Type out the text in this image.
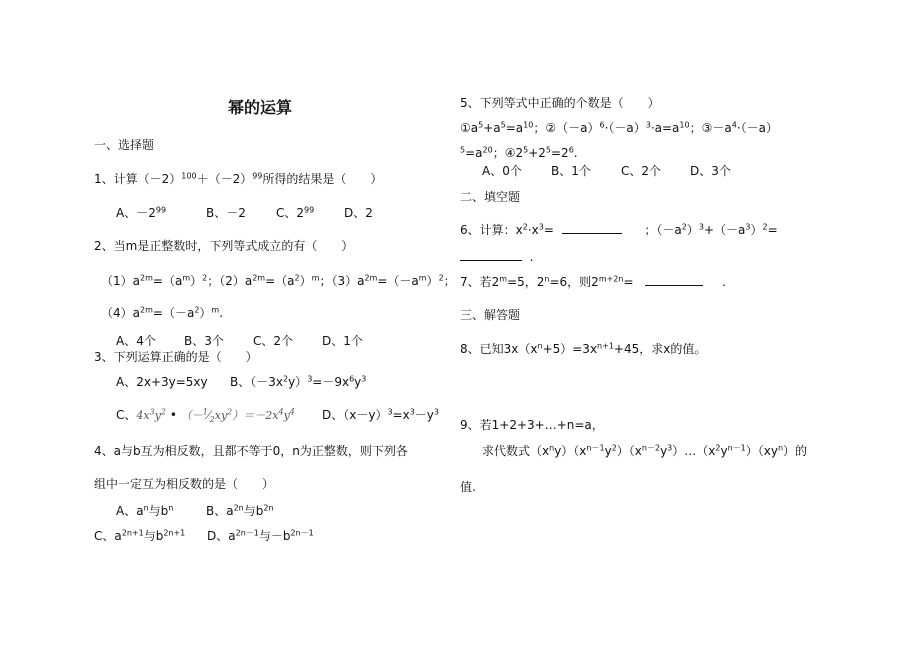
幂的运算
一、选择题
1、计算$(-2)^{100}+(-2)^{99}$所得的结果是（　　）
A、$-2^{99}$	B、－2	C、$2^{99}$ D、2
2、当m是正整数时，下列等式成立的有（　　）
$(1)a^{2m}=(a^m)^2$；$(2)a^{2m}=(a^2)^m$；$(3)a^{2m}=(-a^m)^2$；
$(4)a^{2m}=(-a^2)^m$.
A、4个 B、3个 C、2个 D、1个
3、下列运算正确的是（　　）
A、2x+3y=5xy B、$(-3x^2y)^3=-9x^6y^3$
C、$4x^3y^2$ • $(-^1⁄_2xy^2)=-2x^4y^4$ D、$(x-y)^3=x^3-y^3$
4、a与b互为相反数，且都不等于0，n为正整数，则下列各
组中一定互为相反数的是（　　）
A、$a^n$与$b^n$	B、$a^{2n}$与$b^{2n}$
C、$a^{2n+1}$与$b^{2n+1}$ D、$a^{2n-1}$与$-b^{2n-1}$
5、下列等式中正确的个数是（　　）
$①a^5+a^5=a^{10}$；$②(-a)^6\cdot(-a)^3\cdot a=a^{10}$；$③-a^4\cdot(-a)$
$^5=a^{20}$；$④2^5+2^5=2^6$.
A、0个 B、1个	C、2个 D、3个
二、填空题
6、计算：$x^2\cdot x^3=$	；$(-a^2)^3+(-a^3)^2=$
.
7、若$2^m=5$，$2^n=6$，则$2^{m+2n}=$	.
三、解答题
8、已知$3x(x^n+5)=3x^{n+1}+45$，求x的值。
9、若1+2+3+…+n=a，
求代数式$(x^ny)(x^{n-1}y^2)(x^{n-2}y^3)\dots(x^2y^{n-1})(xy^n)$的
值.
